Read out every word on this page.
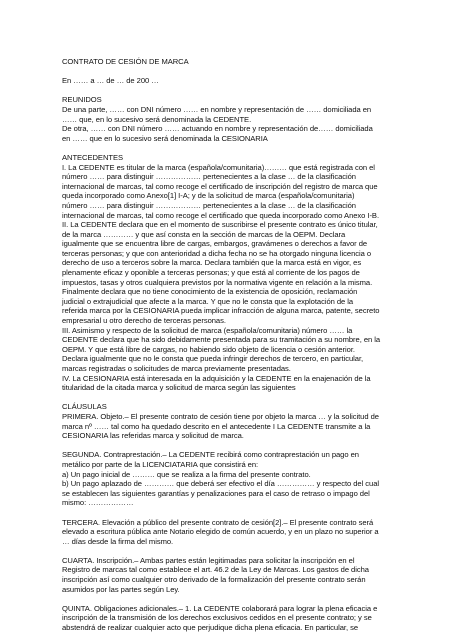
CONTRATO DE CESIÓN DE MARCA
En …… a … de … de 200 …
REUNIDOS
De una parte, …… con DNI número …… en nombre y representación de …… domiciliada en
…… que, en lo sucesivo será denominada la CEDENTE.
De otra, …… con DNI número …… actuando en nombre y representación de…… domiciliada
en …… que en lo sucesivo será denominada la CESIONARIA
ANTECEDENTES
I. La CEDENTE es titular de la marca (española/comunitaria)……… que está registrada con el
número …… para distinguir ……………… pertenecientes a la clase … de la clasificación
internacional de marcas, tal como recoge el certificado de inscripción del registro de marca que
queda incorporado como Anexo[1] I-A; y de la solicitud de marca (española/comunitaria)
número …… para distinguir ……………… pertenecientes a la clase … de la clasificación
internacional de marcas, tal como recoge el certificado que queda incorporado como Anexo I-B.
II. La CEDENTE declara que en el momento de suscribirse el presente contrato es único titular,
de la marca ………… y que así consta en la sección de marcas de la OEPM. Declara
igualmente que se encuentra libre de cargas, embargos, gravámenes o derechos a favor de
terceras personas; y que con anterioridad a dicha fecha no se ha otorgado ninguna licencia o
derecho de uso a terceros sobre la marca. Declara también que la marca está en vigor, es
plenamente eficaz y oponible a terceras personas; y que está al corriente de los pagos de
impuestos, tasas y otros cualquiera previstos por la normativa vigente en relación a la misma.
Finalmente declara que no tiene conocimiento de la existencia de oposición, reclamación
judicial o extrajudicial que afecte a la marca. Y que no le consta que la explotación de la
referida marca por la CESIONARIA pueda implicar infracción de alguna marca, patente, secreto
empresarial u otro derecho de terceras personas.
III. Asimismo y respecto de la solicitud de marca (española/comunitaria) número …… la
CEDENTE declara que ha sido debidamente presentada para su tramitación a su nombre, en la
OEPM. Y que está libre de cargas, no habiendo sido objeto de licencia o cesión anterior.
Declara igualmente que no le consta que pueda infringir derechos de tercero, en particular,
marcas registradas o solicitudes de marca previamente presentadas.
IV. La CESIONARIA está interesada en la adquisición y la CEDENTE en la enajenación de la
titularidad de la citada marca y solicitud de marca según las siguientes
CLÁUSULAS
PRIMERA. Objeto.– El presente contrato de cesión tiene por objeto la marca … y la solicitud de
marca nº …… tal como ha quedado descrito en el antecedente I La CEDENTE transmite a la
CESIONARIA las referidas marca y solicitud de marca.
SEGUNDA. Contraprestación.– La CEDENTE recibirá como contraprestación un pago en
metálico por parte de la LICENCIATARIA que consistirá en:
a) Un pago inicial de ……… que se realiza a la firma del presente contrato.
b) Un pago aplazado de ………… que deberá ser efectivo el día …………… y respecto del cual
se establecen las siguientes garantías y penalizaciones para el caso de retraso o impago del
mismo: ………………
TERCERA. Elevación a público del presente contrato de cesión[2].– El presente contrato será
elevado a escritura pública ante Notario elegido de común acuerdo, y en un plazo no superior a
… días desde la firma del mismo.
CUARTA. Inscripción.– Ambas partes están legitimadas para solicitar la inscripción en el
Registro de marcas tal como establece el art. 46.2 de la Ley de Marcas. Los gastos de dicha
inscripción así como cualquier otro derivado de la formalización del presente contrato serán
asumidos por las partes según Ley.
QUINTA. Obligaciones adicionales.– 1. La CEDENTE colaborará para lograr la plena eficacia e
inscripción de la transmisión de los derechos exclusivos cedidos en el presente contrato; y se
abstendrá de realizar cualquier acto que perjudique dicha plena eficacia. En particular, se
